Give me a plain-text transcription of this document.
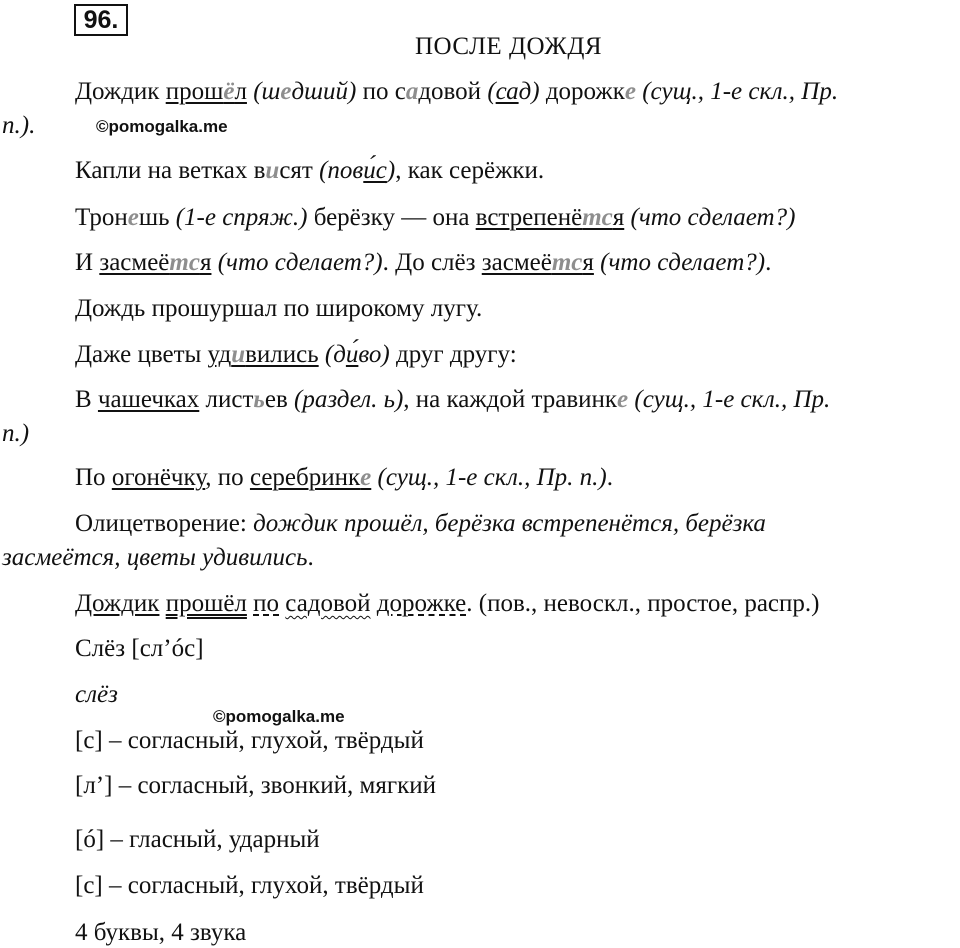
96.
ПОСЛЕ ДОЖДЯ
Дождик прошёл (шедший) по садовой (сад) дорожке (сущ., 1-е скл., Пр.
п.).	©pomogalka.me
Капли на ветках висят (пови́с), как серёжки.
Тронешь (1-е спряж.) берёзку — она встрепенётся (что сделает?)
И засмеётся (что сделает?). До слёз засмеётся (что сделает?).
Дождь прошуршал по широкому лугу.
Даже цветы удивились (ди́во) друг другу:
В чашечках листьев (раздел. ь), на каждой травинке (сущ., 1-е скл., Пр.
п.)
По огонёчку, по серебринке (сущ., 1-е скл., Пр. п.).
Олицетворение: дождик прошёл, берёзка встрепенётся, берёзка
засмеётся, цветы удивились.
Дождик прошёл по садовой дорожке. (пов., невоскл., простое, распр.)
Слёз [сл’óс]
слёз
©pomogalka.me
[с] – согласный, глухой, твёрдый
[л’] – согласный, звонкий, мягкий
[ó] – гласный, ударный
[с] – согласный, глухой, твёрдый
4 буквы, 4 звука
